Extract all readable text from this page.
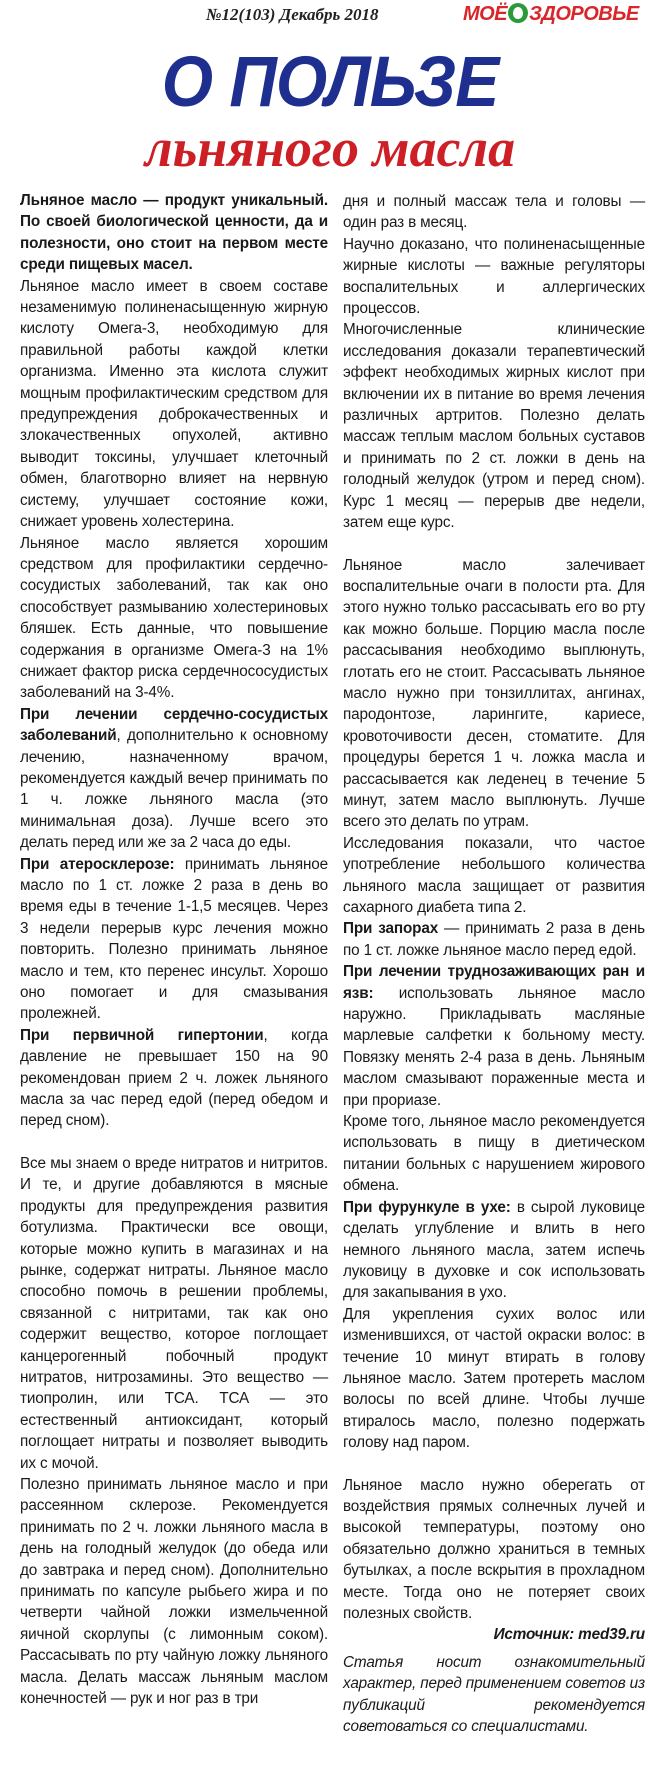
№12(103) Декабрь 2018	МОЁ ЗДОРОВЬЕ
О ПОЛЬЗЕ
льняного масла

Льняное масло — продукт уникальный. По своей биологической ценности, да и полезности, оно стоит на первом месте среди пищевых масел.

Льняное масло имеет в своем составе незаменимую полиненасыщенную жирную кислоту Омега-3, необходимую для правильной работы каждой клетки организма. Именно эта кислота служит мощным профилактическим средством для предупреждения доброкачественных и злокачественных опухолей, активно выводит токсины, улучшает клеточный обмен, благотворно влияет на нервную систему, улучшает состояние кожи, снижает уровень холестерина.

Льняное масло является хорошим средством для профилактики сердечно-сосудистых заболеваний, так как оно способствует размыванию холестериновых бляшек. Есть данные, что повышение содержания в организме Омега-3 на 1% снижает фактор риска сердечнососудистых заболеваний на 3-4%.

При лечении сердечно-сосудистых заболеваний, дополнительно к основному лечению, назначенному врачом, рекомендуется каждый вечер принимать по 1 ч. ложке льняного масла (это минимальная доза). Лучше всего это делать перед или же за 2 часа до еды.

При атеросклерозе: принимать льняное масло по 1 ст. ложке 2 раза в день во время еды в течение 1-1,5 месяцев. Через 3 недели перерыв курс лечения можно повторить. Полезно принимать льняное масло и тем, кто перенес инсульт. Хорошо оно помогает и для смазывания пролежней.

При первичной гипертонии, когда давление не превышает 150 на 90 рекомендован прием 2 ч. ложек льняного масла за час перед едой (перед обедом и перед сном).

Все мы знаем о вреде нитратов и нитритов. И те, и другие добавляются в мясные продукты для предупреждения развития ботулизма. Практически все овощи, которые можно купить в магазинах и на рынке, содержат нитраты. Льняное масло способно помочь в решении проблемы, связанной с нитритами, так как оно содержит вещество, которое поглощает канцерогенный побочный продукт нитратов, нитрозамины. Это вещество — тиопролин, или ТСА. ТСА — это естественный антиоксидант, который поглощает нитраты и позволяет выводить их с мочой.

Полезно принимать льняное масло и при рассеянном склерозе. Рекомендуется принимать по 2 ч. ложки льняного масла в день на голодный желудок (до обеда или до завтрака и перед сном). Дополнительно принимать по капсуле рыбьего жира и по четверти чайной ложки измельченной яичной скорлупы (с лимонным соком). Рассасывать по рту чайную ложку льняного масла. Делать массаж льняным маслом конечностей — рук и ног раз в три

дня и полный массаж тела и головы — один раз в месяц.

Научно доказано, что полиненасыщенные жирные кислоты — важные регуляторы воспалительных и аллергических процессов.

Многочисленные клинические исследования доказали терапевтический эффект необходимых жирных кислот при включении их в питание во время лечения различных артритов. Полезно делать массаж теплым маслом больных суставов и принимать по 2 ст. ложки в день на голодный желудок (утром и перед сном). Курс 1 месяц — перерыв две недели, затем еще курс.

Льняное масло залечивает воспалительные очаги в полости рта. Для этого нужно только рассасывать его во рту как можно больше. Порцию масла после рассасывания необходимо выплюнуть, глотать его не стоит. Рассасывать льняное масло нужно при тонзиллитах, ангинах, пародонтозе, ларингите, кариесе, кровоточивости десен, стоматите. Для процедуры берется 1 ч. ложка масла и рассасывается как леденец в течение 5 минут, затем масло выплюнуть. Лучше всего это делать по утрам.

Исследования показали, что частое употребление небольшого количества льняного масла защищает от развития сахарного диабета типа 2.

При запорах — принимать 2 раза в день по 1 ст. ложке льняное масло перед едой.

При лечении труднозаживающих ран и язв: использовать льняное масло наружно. Прикладывать масляные марлевые салфетки к больному месту. Повязку менять 2-4 раза в день. Льняным маслом смазывают пораженные места и при прориазе.

Кроме того, льняное масло рекомендуется использовать в пищу в диетическом питании больных с нарушением жирового обмена.

При фурункуле в ухе: в сырой луковице сделать углубление и влить в него немного льняного масла, затем испечь луковицу в духовке и сок использовать для закапывания в ухо.

Для укрепления сухих волос или изменившихся, от частой окраски волос: в течение 10 минут втирать в голову льняное масло. Затем протереть маслом волосы по всей длине. Чтобы лучше втиралось масло, полезно подержать голову над паром.

Льняное масло нужно оберегать от воздействия прямых солнечных лучей и высокой температуры, поэтому оно обязательно должно храниться в темных бутылках, а после вскрытия в прохладном месте. Тогда оно не потеряет своих полезных свойств.

Источник: med39.ru

Статья носит ознакомительный характер, перед применением советов из публикаций рекомендуется советоваться со специалистами.
